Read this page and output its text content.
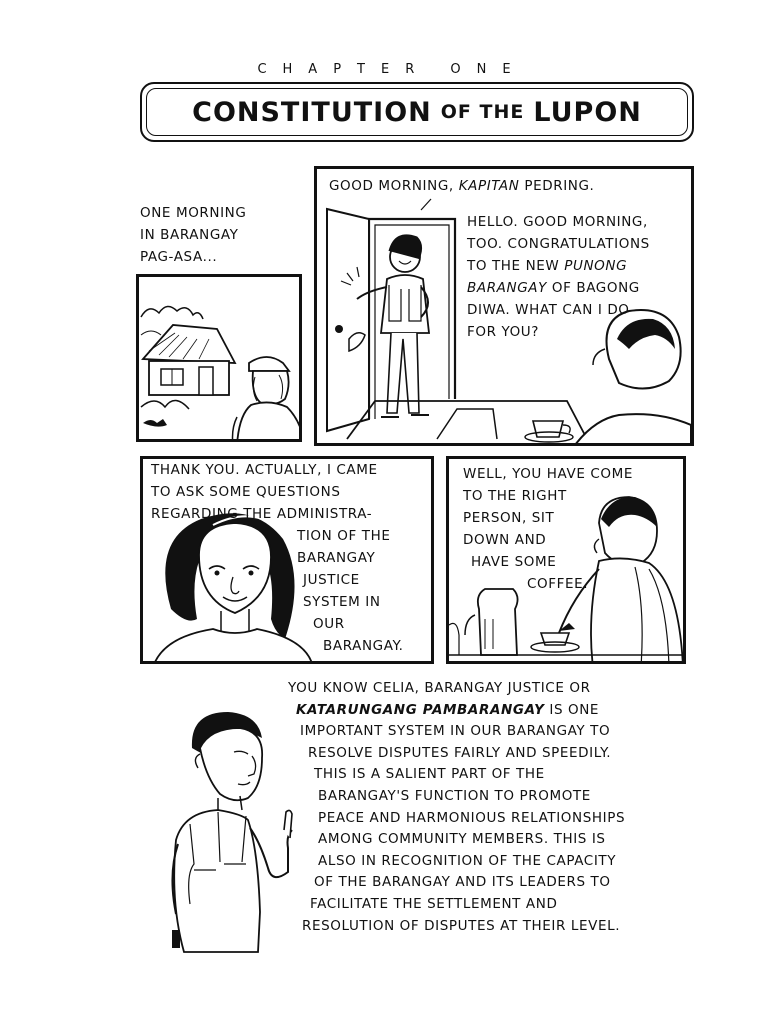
CHAPTER ONE
CONSTITUTION OF THE LUPON
ONE MORNING
IN BARANGAY
PAG-ASA...
GOOD MORNING, KAPITAN PEDRING.
HELLO. GOOD MORNING,
TOO. CONGRATULATIONS
TO THE NEW PUNONG
BARANGAY OF BAGONG
DIWA. WHAT CAN I DO
FOR YOU?
THANK YOU. ACTUALLY, I CAME
TO ASK SOME QUESTIONS
REGARDING THE ADMINISTRA-
TION OF THE
BARANGAY
JUSTICE
SYSTEM IN
OUR
BARANGAY.
WELL, YOU HAVE COME
TO THE RIGHT
PERSON, SIT
DOWN AND
HAVE SOME
COFFEE.
YOU KNOW CELIA, BARANGAY JUSTICE OR
KATARUNGANG PAMBARANGAY IS ONE
IMPORTANT SYSTEM IN OUR BARANGAY TO
RESOLVE DISPUTES FAIRLY AND SPEEDILY.
THIS IS A SALIENT PART OF THE
BARANGAY'S FUNCTION TO PROMOTE
PEACE AND HARMONIOUS RELATIONSHIPS
AMONG COMMUNITY MEMBERS. THIS IS
ALSO IN RECOGNITION OF THE CAPACITY
OF THE BARANGAY AND ITS LEADERS TO
FACILITATE THE SETTLEMENT AND
RESOLUTION OF DISPUTES AT THEIR LEVEL.
